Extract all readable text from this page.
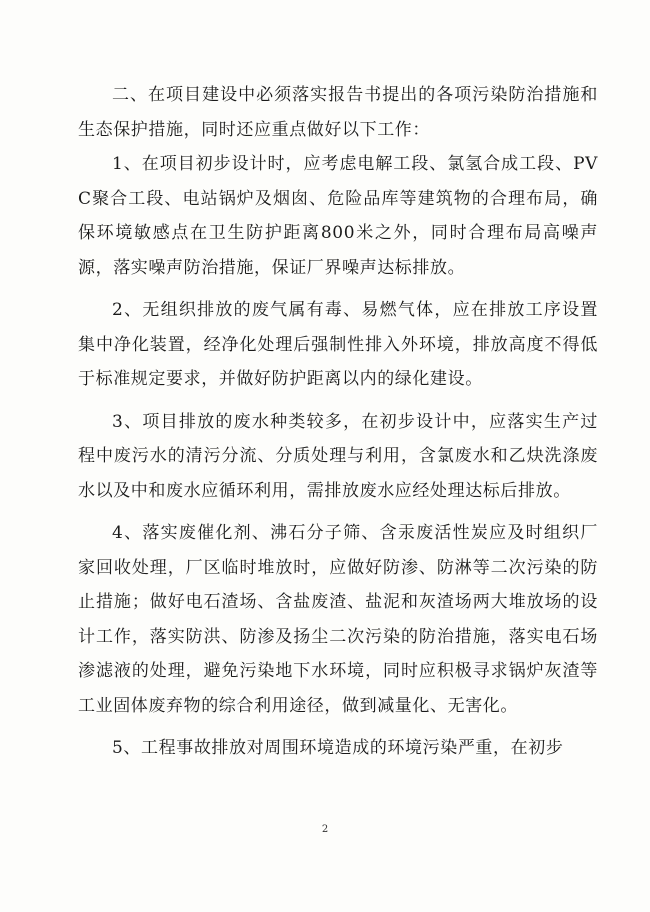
二、在项目建设中必须落实报告书提出的各项污染防治措施和生态保护措施，同时还应重点做好以下工作：

1、在项目初步设计时，应考虑电解工段、氯氢合成工段、PVC聚合工段、电站锅炉及烟囱、危险品库等建筑物的合理布局，确保环境敏感点在卫生防护距离800米之外，同时合理布局高噪声源，落实噪声防治措施，保证厂界噪声达标排放。

2、无组织排放的废气属有毒、易燃气体，应在排放工序设置集中净化装置，经净化处理后强制性排入外环境，排放高度不得低于标准规定要求，并做好防护距离以内的绿化建设。

3、项目排放的废水种类较多，在初步设计中，应落实生产过程中废污水的清污分流、分质处理与利用，含氯废水和乙炔洗涤废水以及中和废水应循环利用，需排放废水应经处理达标后排放。

4、落实废催化剂、沸石分子筛、含汞废活性炭应及时组织厂家回收处理，厂区临时堆放时，应做好防渗、防淋等二次污染的防止措施；做好电石渣场、含盐废渣、盐泥和灰渣场两大堆放场的设计工作，落实防洪、防渗及扬尘二次污染的防治措施，落实电石场渗滤液的处理，避免污染地下水环境，同时应积极寻求锅炉灰渣等工业固体废弃物的综合利用途径，做到减量化、无害化。

5、工程事故排放对周围环境造成的环境污染严重，在初步

2
